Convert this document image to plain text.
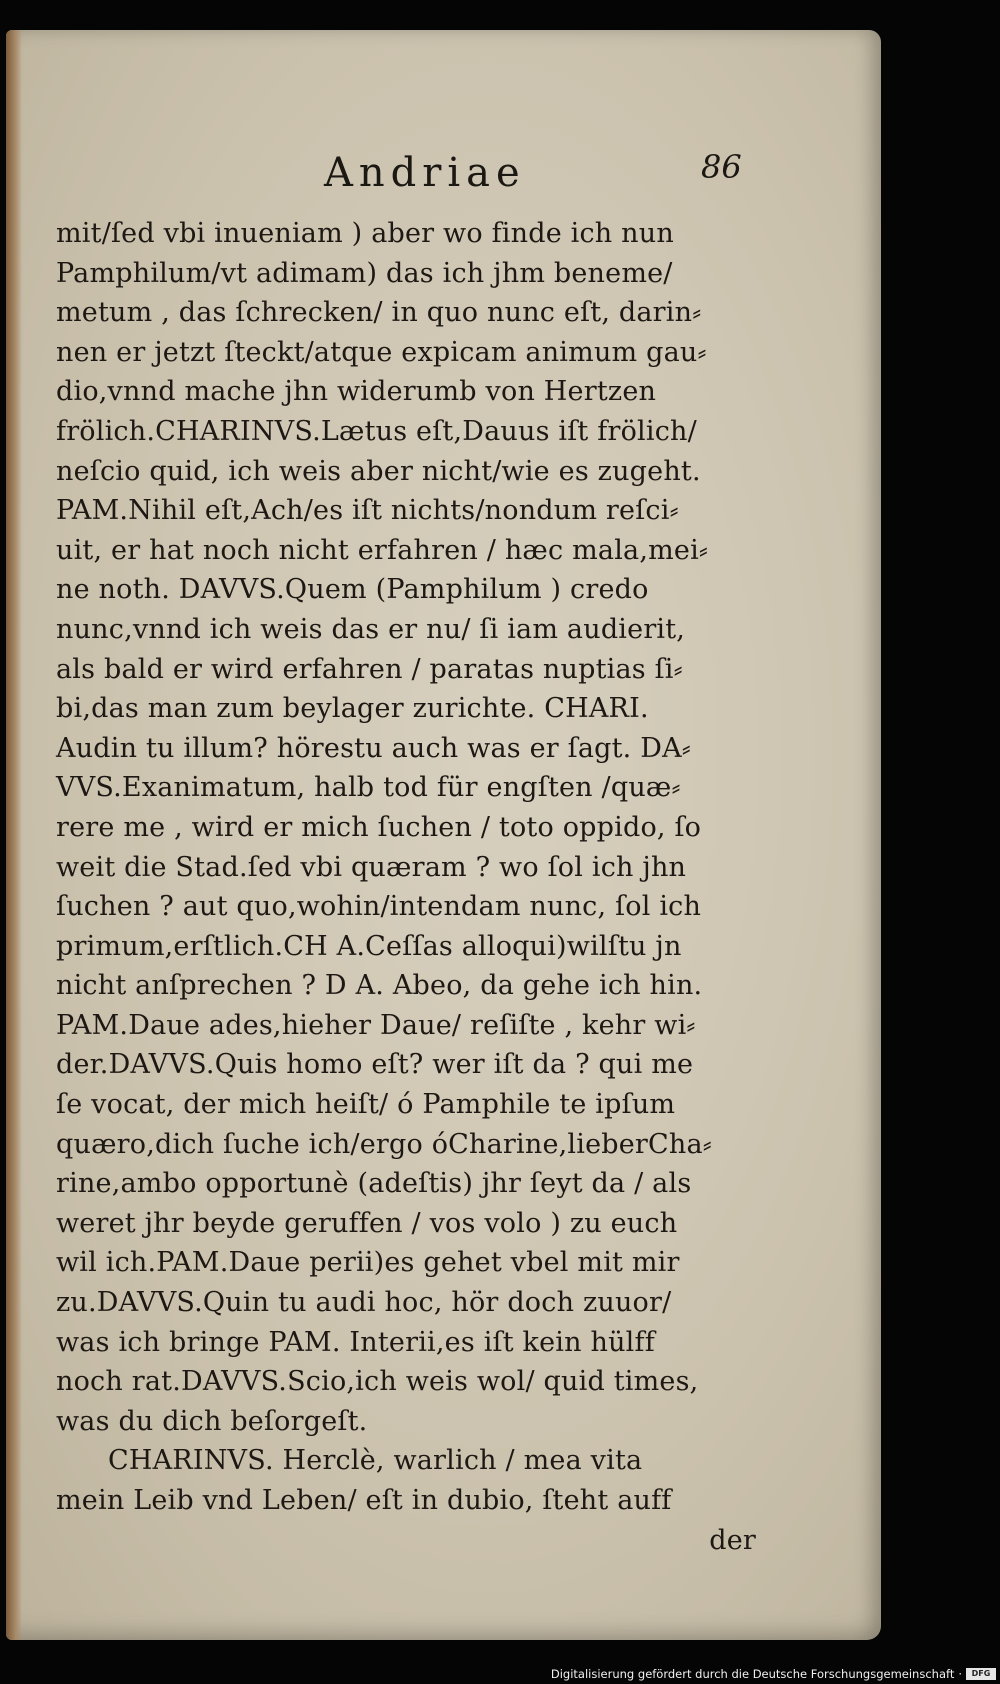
Andriae	86
mit/ſed vbi inueniam ) aber wo finde ich nun
Pamphilum/vt adimam) das ich jhm beneme/
metum , das ſchrecken/ in quo nunc eſt, darin⸗
nen er jetzt ſteckt/atque expicam animum gau⸗
dio,vnnd mache jhn widerumb von Hertzen
frölich.CHARINVS.Lætus eſt,Dauus iſt frölich/
neſcio quid, ich weis aber nicht/wie es zugeht.
PAM.Nihil eſt,Ach/es iſt nichts/nondum reſci⸗
uit, er hat noch nicht erfahren / hæc mala,mei⸗
ne noth. DAVVS.Quem (Pamphilum ) credo
nunc,vnnd ich weis das er nu/ ſi iam audierit,
als bald er wird erfahren / paratas nuptias ſi⸗
bi,das man zum beylager zurichte. CHARI.
Audin tu illum? hörestu auch was er ſagt. DA⸗
VVS.Exanimatum, halb tod für engſten /quæ⸗
rere me , wird er mich ſuchen / toto oppido, ſo
weit die Stad.ſed vbi quæram ? wo ſol ich jhn
ſuchen ? aut quo,wohin/intendam nunc, ſol ich
primum,erſtlich.CH A.Ceſſas alloqui)wilſtu jn
nicht anſprechen ? D A. Abeo, da gehe ich hin.
PAM.Daue ades,hieher Daue/ reſiſte , kehr wi⸗
der.DAVVS.Quis homo eſt? wer iſt da ? qui me
ſe vocat, der mich heiſt/ ó Pamphile te ipſum
quæro,dich ſuche ich/ergo óCharine,lieberCha⸗
rine,ambo opportunè (adeſtis) jhr ſeyt da / als
weret jhr beyde geruffen / vos volo ) zu euch
wil ich.PAM.Daue perii)es gehet vbel mit mir
zu.DAVVS.Quin tu audi hoc, hör doch zuuor/
was ich bringe PAM. Interii,es iſt kein hülff
noch rat.DAVVS.Scio,ich weis wol/ quid times,
was du dich beſorgeſt.
CHARINVS. Herclè, warlich / mea vita
mein Leib vnd Leben/ eſt in dubio, ſteht auff
der
Digitalisierung gefördert durch die Deutsche Forschungsgemeinschaft ·	DFG
